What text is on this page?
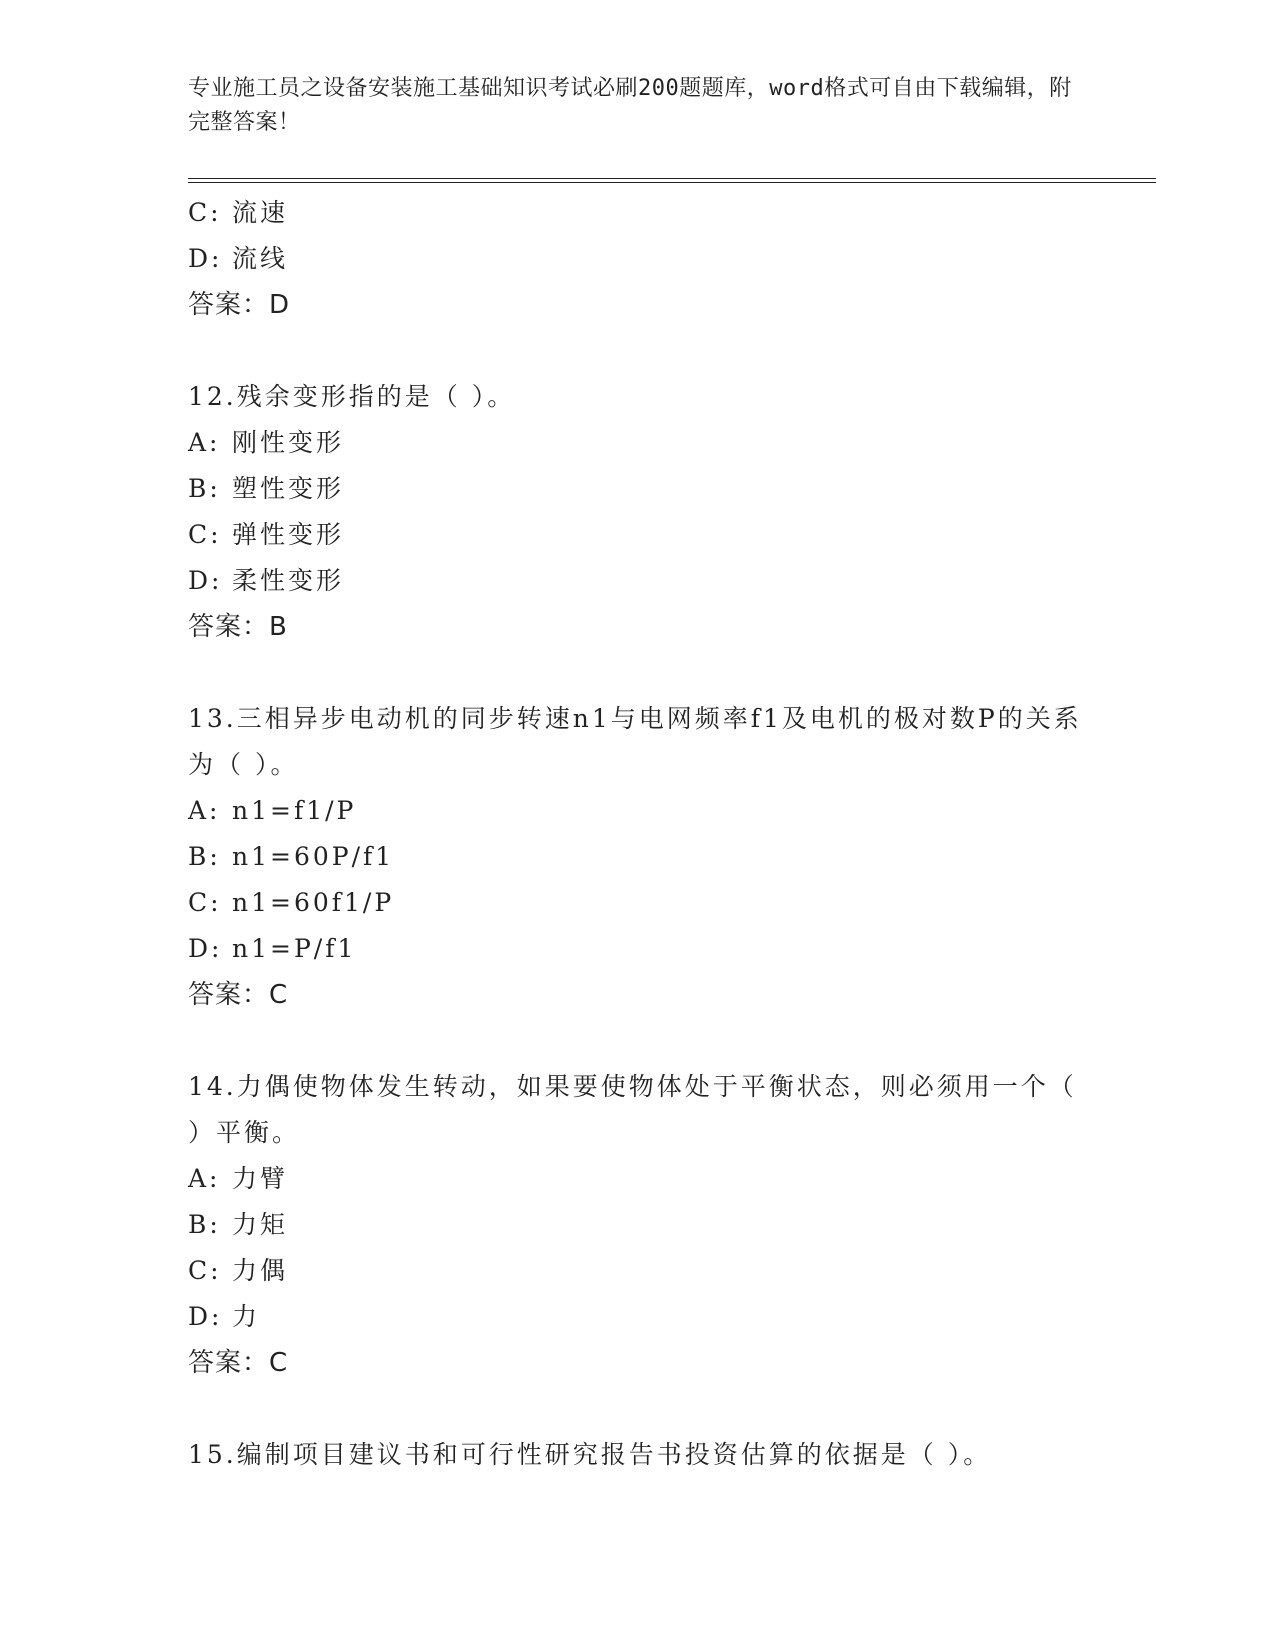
专业施工员之设备安装施工基础知识考试必刷200题题库，word格式可自由下载编辑，附完整答案！
C: 流速
D: 流线
答案：D
12.残余变形指的是（ ）。
A: 刚性变形
B: 塑性变形
C: 弹性变形
D: 柔性变形
答案：B
13.三相异步电动机的同步转速n1与电网频率f1及电机的极对数P的关系为（ ）。
A: n1=f1/P
B: n1=60P/f1
C: n1=60f1/P
D: n1=P/f1
答案：C
14.力偶使物体发生转动，如果要使物体处于平衡状态，则必须用一个（ ）平衡。
A: 力臂
B: 力矩
C: 力偶
D: 力
答案：C
15.编制项目建议书和可行性研究报告书投资估算的依据是（ ）。
